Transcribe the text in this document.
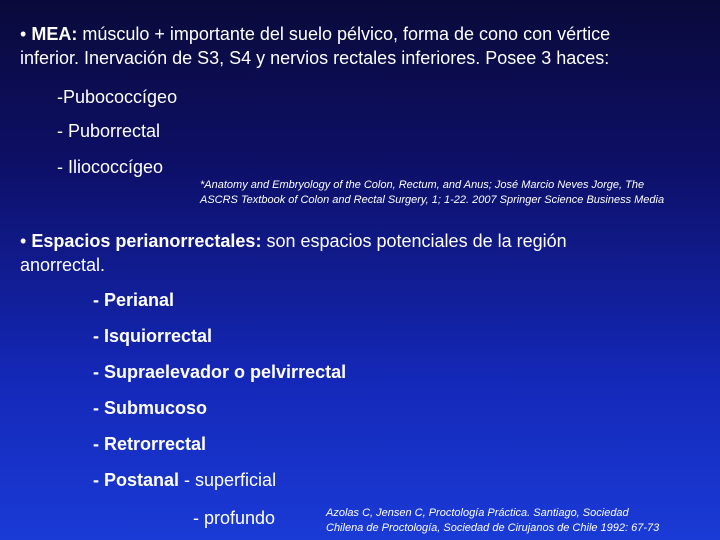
• MEA: músculo + importante del suelo pélvico, forma de cono con vértice
inferior. Inervación de S3, S4 y nervios rectales inferiores. Posee 3 haces:
-Pubococcígeo
- Puborrectal
- Iliococcígeo
*Anatomy and Embryology of the Colon, Rectum, and Anus; José Marcio Neves Jorge, The
ASCRS Textbook of Colon and Rectal Surgery, 1; 1-22. 2007 Springer Science Business Media
• Espacios perianorrectales: son espacios potenciales de la región
anorrectal.
- Perianal
- Isquiorrectal
- Supraelevador o pelvirrectal
- Submucoso
- Retrorrectal
- Postanal - superficial
- profundo	Azolas C, Jensen C, Proctología Práctica. Santiago, Sociedad
Chilena de Proctología, Sociedad de Cirujanos de Chile 1992: 67-73
